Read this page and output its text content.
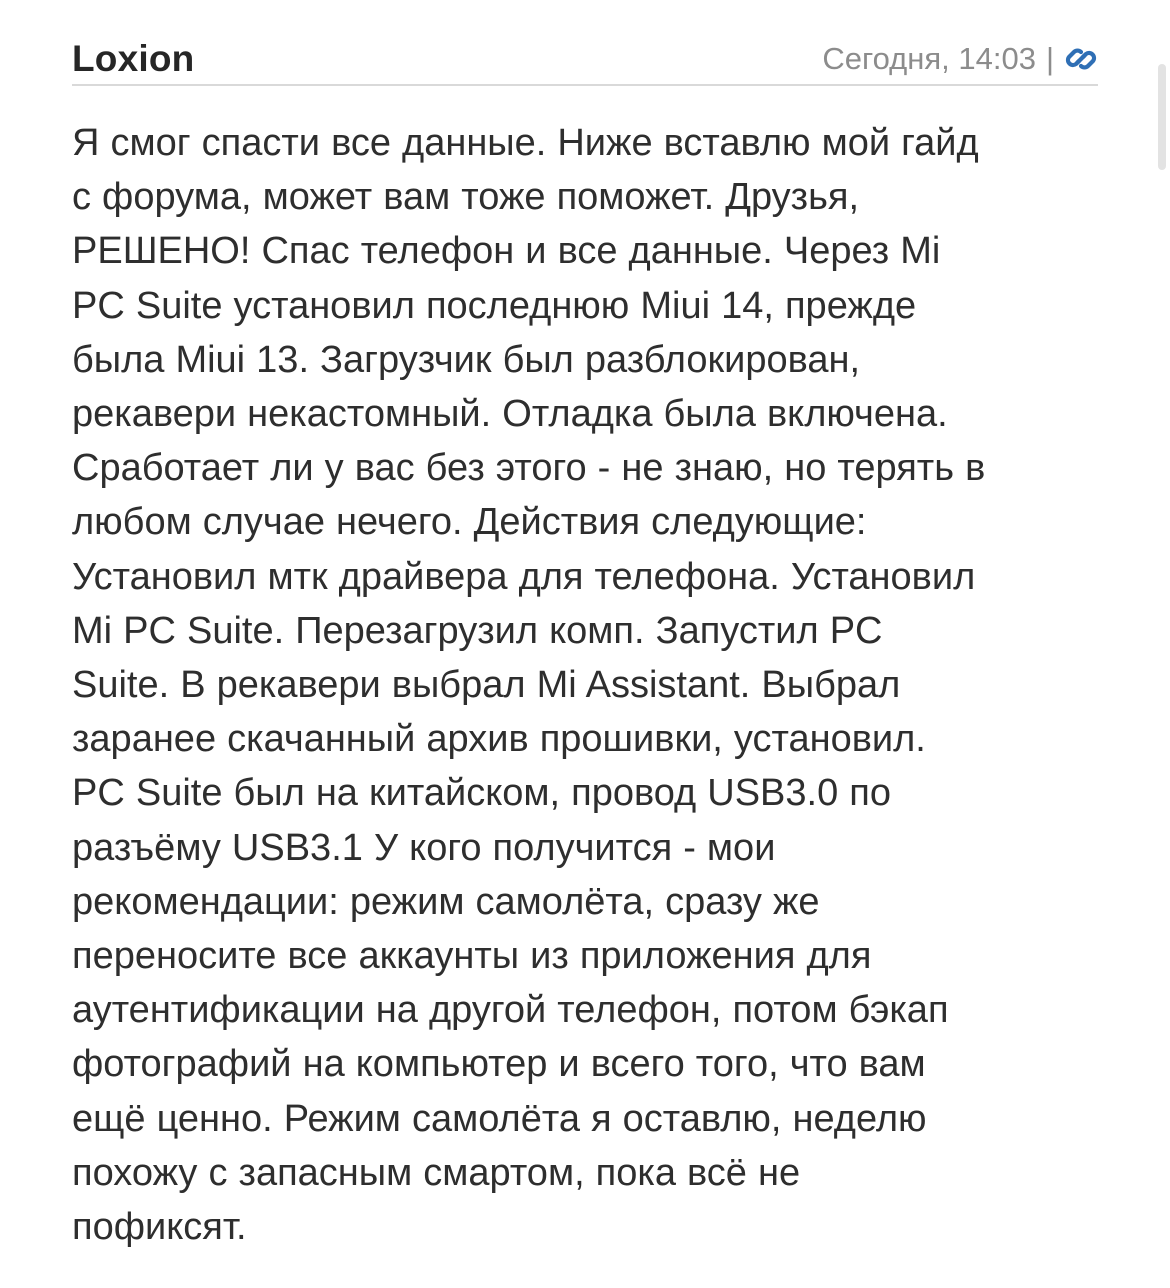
Loxion	Сегодня, 14:03 |
Я смог спасти все данные. Ниже вставлю мой гайд
с форума, может вам тоже поможет. Друзья,
РЕШЕНО! Спас телефон и все данные. Через Mi
PC Suite установил последнюю Miui 14, прежде
была Miui 13. Загрузчик был разблокирован,
рекавери некастомный. Отладка была включена.
Сработает ли у вас без этого - не знаю, но терять в
любом случае нечего. Действия следующие:
Установил мтк драйвера для телефона. Установил
Mi PC Suite. Перезагрузил комп. Запустил PC
Suite. В рекавери выбрал Mi Assistant. Выбрал
заранее скачанный архив прошивки, установил.
PC Suite был на китайском, провод USB3.0 по
разъёму USB3.1 У кого получится - мои
рекомендации: режим самолёта, сразу же
переносите все аккаунты из приложения для
аутентификации на другой телефон, потом бэкап
фотографий на компьютер и всего того, что вам
ещё ценно. Режим самолёта я оставлю, неделю
похожу с запасным смартом, пока всё не
пофиксят.
